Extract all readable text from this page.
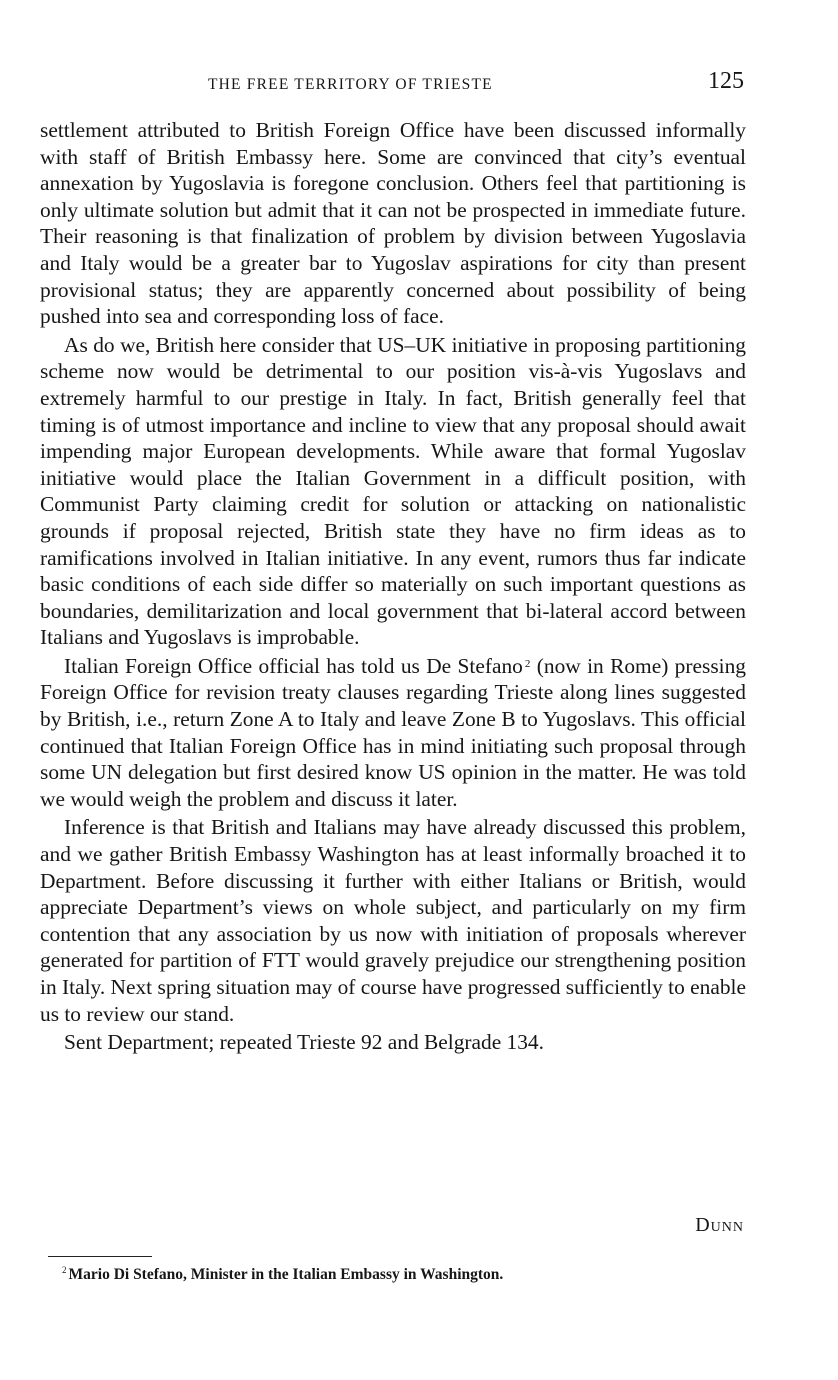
THE FREE TERRITORY OF TRIESTE	125

settlement attributed to British Foreign Office have been discussed informally with staff of British Embassy here. Some are convinced that city’s eventual annexation by Yugoslavia is foregone conclusion. Others feel that partitioning is only ultimate solution but admit that it can not be prospected in immediate future. Their reasoning is that finalization of problem by division between Yugoslavia and Italy would be a greater bar to Yugoslav aspirations for city than present provisional status; they are apparently concerned about possibility of being pushed into sea and corresponding loss of face.

As do we, British here consider that US–UK initiative in proposing partitioning scheme now would be detrimental to our position vis-à-vis Yugoslavs and extremely harmful to our prestige in Italy. In fact, British generally feel that timing is of utmost importance and incline to view that any proposal should await impending major European developments. While aware that formal Yugoslav initiative would place the Italian Government in a difficult position, with Communist Party claiming credit for solution or attacking on nationalistic grounds if proposal rejected, British state they have no firm ideas as to ramifications involved in Italian initiative. In any event, rumors thus far indicate basic conditions of each side differ so materially on such important questions as boundaries, demilitarization and local government that bi-lateral accord between Italians and Yugoslavs is improbable.

Italian Foreign Office official has told us De Stefano $^2$ (now in Rome) pressing Foreign Office for revision treaty clauses regarding Trieste along lines suggested by British, i.e., return Zone A to Italy and leave Zone B to Yugoslavs. This official continued that Italian Foreign Office has in mind initiating such proposal through some UN delegation but first desired know US opinion in the matter. He was told we would weigh the problem and discuss it later.

Inference is that British and Italians may have already discussed this problem, and we gather British Embassy Washington has at least informally broached it to Department. Before discussing it further with either Italians or British, would appreciate Department’s views on whole subject, and particularly on my firm contention that any association by us now with initiation of proposals wherever generated for partition of FTT would gravely prejudice our strengthening position in Italy. Next spring situation may of course have progressed sufficiently to enable us to review our stand.

Sent Department; repeated Trieste 92 and Belgrade 134.

Dunn
$^2$ Mario Di Stefano, Minister in the Italian Embassy in Washington.
